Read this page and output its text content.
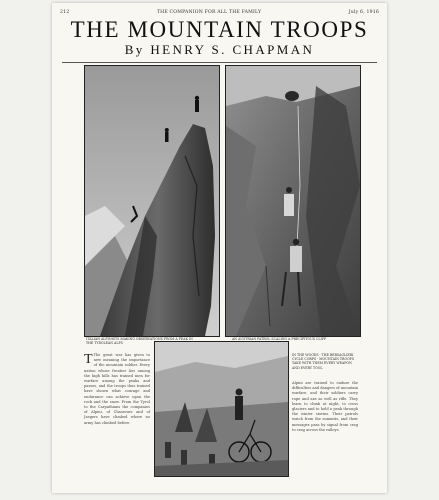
212	THE COMPANION FOR ALL THE FAMILY	July 6, 1916
THE MOUNTAIN TROOPS
By HENRY S. CHAPMAN
ITALIAN ALPINISTS MAKING OBSERVATIONS FROM A PEAK IN THE TYROLEAN ALPS
AN AUSTRIAN PATROL SCALING A PRECIPITOUS CLIFF
T The great war has given to new meaning the importance of the mountain soldier. Every nation whose frontier lies among the high hills has trained men for warfare among the peaks and passes, and the troops thus trained have shown what courage and endurance can achieve upon the rock and the snow. From the Tyrol to the Carpathians the companies of Alpini, of Chasseurs and of Jaegers have climbed where no army has climbed before.
IN THE WOODS - THE BERSAGLIERI CYCLE CORPS - MOUNTAIN TROOPS TAKE WITH THEM EVERY WEAPON AND EVERY TOOL
Alpini are trained to endure the difficulties and dangers of mountain warfare, and their soldiers carry rope and axe as well as rifle. They learn to climb at night, to cross glaciers and to hold a peak through the winter storms. Their patrols watch from the summits, and their messages pass by signal from crag to crag across the valleys.
